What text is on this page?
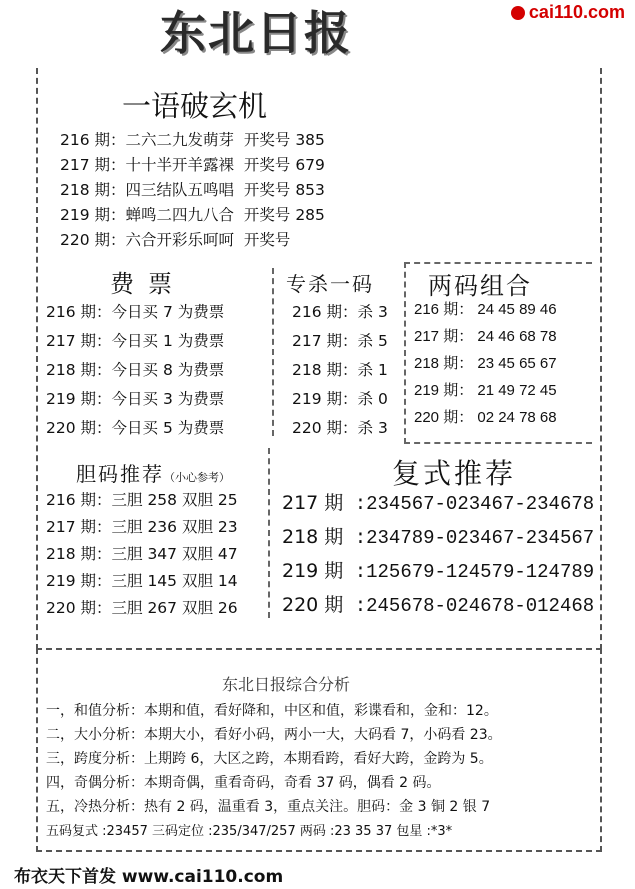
东北日报	cai110.com
一语破玄机
216 期：二六二九发萌芽 开奖号 385
217 期：十十半开羊露裸 开奖号 679
218 期：四三结队五鸣唱 开奖号 853
219 期：蝉鸣二四九八合 开奖号 285
220 期：六合开彩乐呵呵 开奖号
费票
216 期：今日买 7 为费票
217 期：今日买 1 为费票
218 期：今日买 8 为费票
219 期：今日买 3 为费票
220 期：今日买 5 为费票
专杀一码
216 期：杀 3
217 期：杀 5
218 期：杀 1
219 期：杀 0
220 期：杀 3
两码组合
216 期： 24 45 89 46
217 期： 24 46 68 78
218 期： 23 45 65 67
219 期： 21 49 72 45
220 期： 02 24 78 68
胆码推荐（小心参考）
216 期：三胆 258 双胆 25
217 期：三胆 236 双胆 23
218 期：三胆 347 双胆 47
219 期：三胆 145 双胆 14
220 期：三胆 267 双胆 26
复式推荐
217 期 :234567-023467-234678
218 期 :234789-023467-234567
219 期 :125679-124579-124789
220 期 :245678-024678-012468
东北日报综合分析
一，和值分析：本期和值，看好降和，中区和值，彩谍看和，金和：12。
二，大小分析：本期大小，看好小码，两小一大，大码看 7，小码看 23。
三，跨度分析：上期跨 6，大区之跨，本期看跨，看好大跨，金跨为 5。
四，奇偶分析：本期奇偶，重看奇码，奇看 37 码，偶看 2 码。
五，冷热分析：热有 2 码，温重看 3，重点关注。胆码：金 3 铜 2 银 7
五码复式 :23457 三码定位 :235/347/257 两码 :23 35 37 包星 :*3*
布衣天下首发 www.cai110.com
